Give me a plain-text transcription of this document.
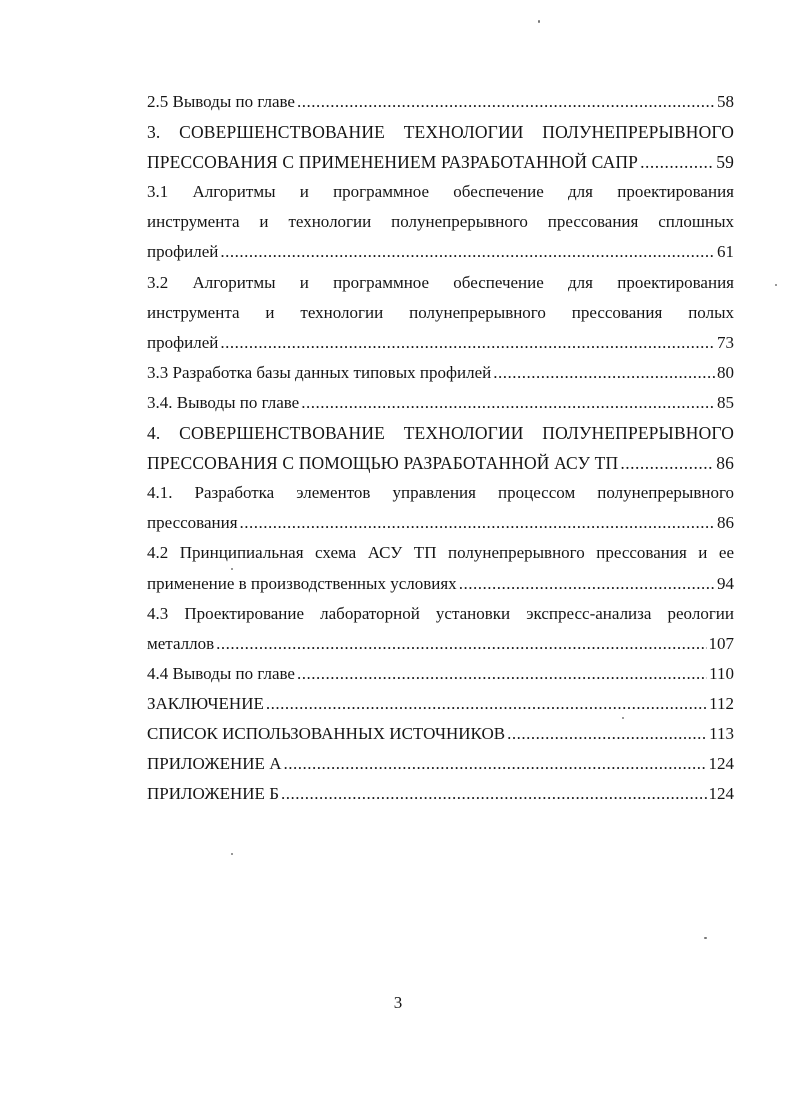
2.5 Выводы по главе .....	58
3. СОВЕРШЕНСТВОВАНИЕ ТЕХНОЛОГИИ ПОЛУНЕПРЕРЫВНОГО
ПРЕССОВАНИЯ С ПРИМЕНЕНИЕМ РАЗРАБОТАННОЙ САПР .....	59
3.1 Алгоритмы и программное обеспечение для проектирования
инструмента и технологии полунепрерывного прессования сплошных
профилей .....	61
3.2 Алгоритмы и программное обеспечение для проектирования
инструмента и технологии полунепрерывного прессования полых
профилей .....	73
3.3 Разработка базы данных типовых профилей .....	80
3.4. Выводы по главе .....	85
4. СОВЕРШЕНСТВОВАНИЕ ТЕХНОЛОГИИ ПОЛУНЕПРЕРЫВНОГО
ПРЕССОВАНИЯ С ПОМОЩЬЮ РАЗРАБОТАННОЙ АСУ ТП .....	86
4.1. Разработка элементов управления процессом полунепрерывного
прессования .....	86
4.2 Принципиальная схема АСУ ТП полунепрерывного прессования и ее
применение в производственных условиях .....	94
4.3 Проектирование лабораторной установки экспресс-анализа реологии
металлов .....	107
4.4 Выводы по главе .....	110
ЗАКЛЮЧЕНИЕ .....	112
СПИСОК ИСПОЛЬЗОВАННЫХ ИСТОЧНИКОВ .....	113
ПРИЛОЖЕНИЕ А .....	124
ПРИЛОЖЕНИЕ Б .....	124
3
